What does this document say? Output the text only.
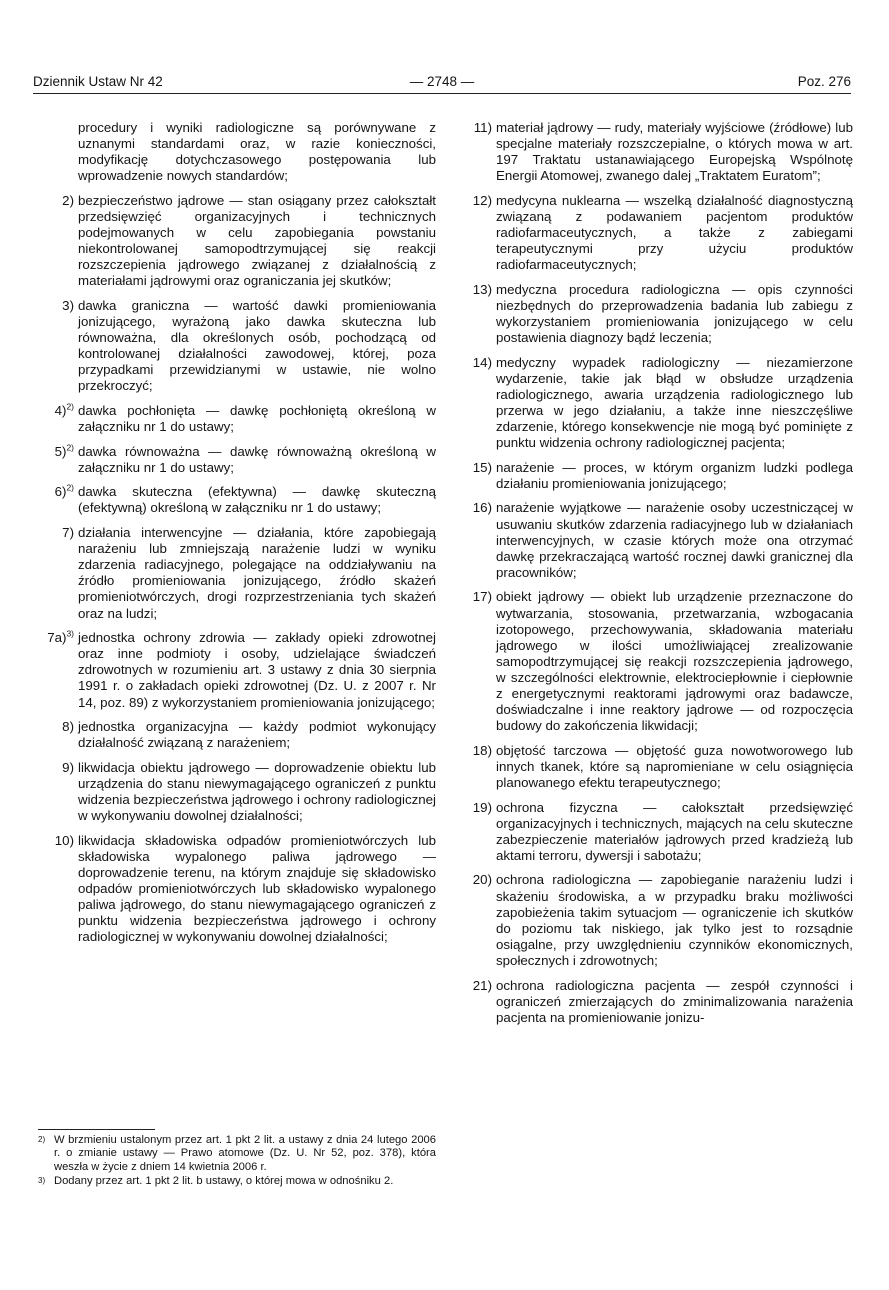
Dziennik Ustaw Nr 42	— 2748 —	Poz. 276
procedury i wyniki radiologiczne są porównywane z uznanymi standardami oraz, w razie konieczności, modyfikację dotychczasowego postępowania lub wprowadzenie nowych standardów;
2) bezpieczeństwo jądrowe — stan osiągany przez całokształt przedsięwzięć organizacyjnych i technicznych podejmowanych w celu zapobiegania powstaniu niekontrolowanej samopodtrzymującej się reakcji rozszczepienia jądrowego związanej z działalnością z materiałami jądrowymi oraz ograniczania jej skutków;
3) dawka graniczna — wartość dawki promieniowania jonizującego, wyrażoną jako dawka skuteczna lub równoważna, dla określonych osób, pochodzącą od kontrolowanej działalności zawodowej, której, poza przypadkami przewidzianymi w ustawie, nie wolno przekroczyć;
4)$^{2)}$ dawka pochłonięta — dawkę pochłoniętą określoną w załączniku nr 1 do ustawy;
5)$^{2)}$ dawka równoważna — dawkę równoważną określoną w załączniku nr 1 do ustawy;
6)$^{2)}$ dawka skuteczna (efektywna) — dawkę skuteczną (efektywną) określoną w załączniku nr 1 do ustawy;
7) działania interwencyjne — działania, które zapobiegają narażeniu lub zmniejszają narażenie ludzi w wyniku zdarzenia radiacyjnego, polegające na oddziaływaniu na źródło promieniowania jonizującego, źródło skażeń promieniotwórczych, drogi rozprzestrzeniania tych skażeń oraz na ludzi;
7a)$^{3)}$ jednostka ochrony zdrowia — zakłady opieki zdrowotnej oraz inne podmioty i osoby, udzielające świadczeń zdrowotnych w rozumieniu art. 3 ustawy z dnia 30 sierpnia 1991 r. o zakładach opieki zdrowotnej (Dz. U. z 2007 r. Nr 14, poz. 89) z wykorzystaniem promieniowania jonizującego;
8) jednostka organizacyjna — każdy podmiot wykonujący działalność związaną z narażeniem;
9) likwidacja obiektu jądrowego — doprowadzenie obiektu lub urządzenia do stanu niewymagającego ograniczeń z punktu widzenia bezpieczeństwa jądrowego i ochrony radiologicznej w wykonywaniu dowolnej działalności;
10) likwidacja składowiska odpadów promieniotwórczych lub składowiska wypalonego paliwa jądrowego — doprowadzenie terenu, na którym znajduje się składowisko odpadów promieniotwórczych lub składowisko wypalonego paliwa jądrowego, do stanu niewymagającego ograniczeń z punktu widzenia bezpieczeństwa jądrowego i ochrony radiologicznej w wykonywaniu dowolnej działalności;
2) W brzmieniu ustalonym przez art. 1 pkt 2 lit. a ustawy z dnia 24 lutego 2006 r. o zmianie ustawy — Prawo atomowe (Dz. U. Nr 52, poz. 378), która weszła w życie z dniem 14 kwietnia 2006 r.
3) Dodany przez art. 1 pkt 2 lit. b ustawy, o której mowa w odnośniku 2.
11) materiał jądrowy — rudy, materiały wyjściowe (źródłowe) lub specjalne materiały rozszczepialne, o których mowa w art. 197 Traktatu ustanawiającego Europejską Wspólnotę Energii Atomowej, zwanego dalej „Traktatem Euratom”;
12) medycyna nuklearna — wszelką działalność diagnostyczną związaną z podawaniem pacjentom produktów radiofarmaceutycznych, a także z zabiegami terapeutycznymi przy użyciu produktów radiofarmaceutycznych;
13) medyczna procedura radiologiczna — opis czynności niezbędnych do przeprowadzenia badania lub zabiegu z wykorzystaniem promieniowania jonizującego w celu postawienia diagnozy bądź leczenia;
14) medyczny wypadek radiologiczny — niezamierzone wydarzenie, takie jak błąd w obsłudze urządzenia radiologicznego, awaria urządzenia radiologicznego lub przerwa w jego działaniu, a także inne nieszczęśliwe zdarzenie, którego konsekwencje nie mogą być pominięte z punktu widzenia ochrony radiologicznej pacjenta;
15) narażenie — proces, w którym organizm ludzki podlega działaniu promieniowania jonizującego;
16) narażenie wyjątkowe — narażenie osoby uczestniczącej w usuwaniu skutków zdarzenia radiacyjnego lub w działaniach interwencyjnych, w czasie których może ona otrzymać dawkę przekraczającą wartość rocznej dawki granicznej dla pracowników;
17) obiekt jądrowy — obiekt lub urządzenie przeznaczone do wytwarzania, stosowania, przetwarzania, wzbogacania izotopowego, przechowywania, składowania materiału jądrowego w ilości umożliwiającej zrealizowanie samopodtrzymującej się reakcji rozszczepienia jądrowego, w szczególności elektrownie, elektrociepłownie i ciepłownie z energetycznymi reaktorami jądrowymi oraz badawcze, doświadczalne i inne reaktory jądrowe — od rozpoczęcia budowy do zakończenia likwidacji;
18) objętość tarczowa — objętość guza nowotworowego lub innych tkanek, które są napromieniane w celu osiągnięcia planowanego efektu terapeutycznego;
19) ochrona fizyczna — całokształt przedsięwzięć organizacyjnych i technicznych, mających na celu skuteczne zabezpieczenie materiałów jądrowych przed kradzieżą lub aktami terroru, dywersji i sabotażu;
20) ochrona radiologiczna — zapobieganie narażeniu ludzi i skażeniu środowiska, a w przypadku braku możliwości zapobieżenia takim sytuacjom — ograniczenie ich skutków do poziomu tak niskiego, jak tylko jest to rozsądnie osiągalne, przy uwzględnieniu czynników ekonomicznych, społecznych i zdrowotnych;
21) ochrona radiologiczna pacjenta — zespół czynności i ograniczeń zmierzających do zminimalizowania narażenia pacjenta na promieniowanie jonizu-
